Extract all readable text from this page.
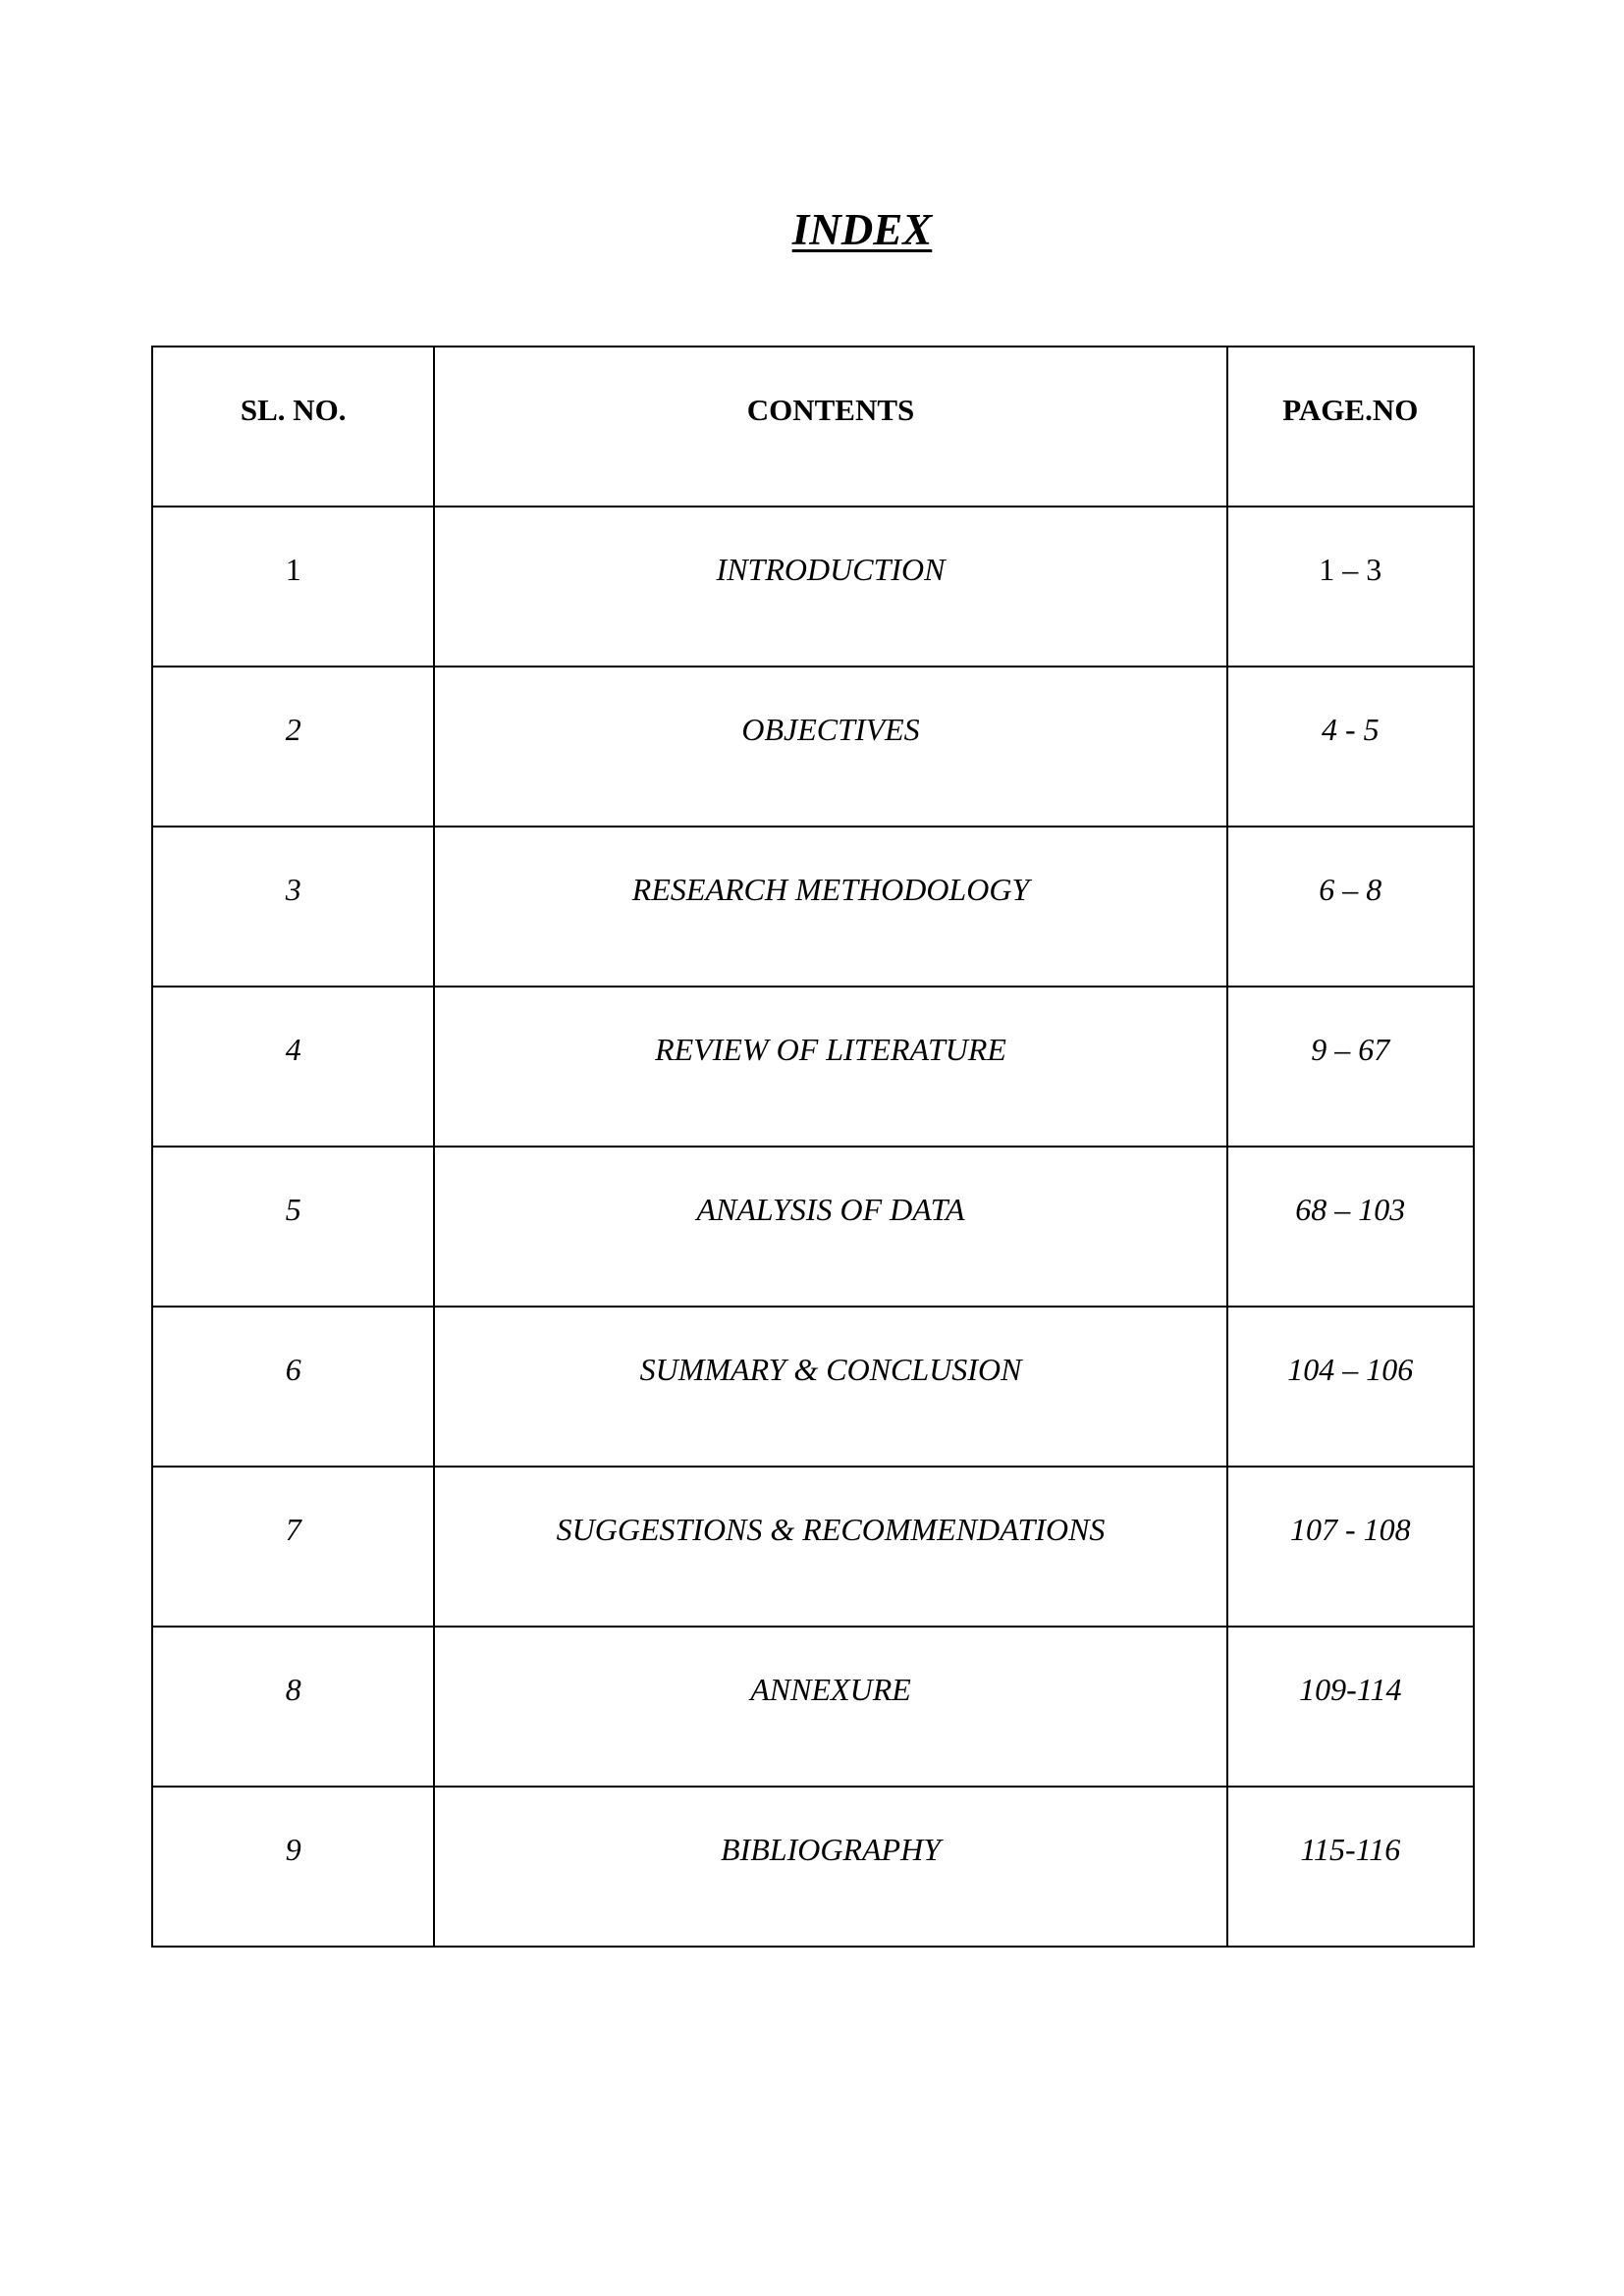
INDEX
SL. NO.	CONTENTS	PAGE.NO

1	INTRODUCTION	1 – 3

2	OBJECTIVES	4 - 5

3	RESEARCH METHODOLOGY	6 – 8

4	REVIEW OF LITERATURE	9 – 67

5	ANALYSIS OF DATA	68 – 103

6	SUMMARY & CONCLUSION	104 – 106

7	SUGGESTIONS & RECOMMENDATIONS	107 - 108

8	ANNEXURE	109-114

9	BIBLIOGRAPHY	115-116
